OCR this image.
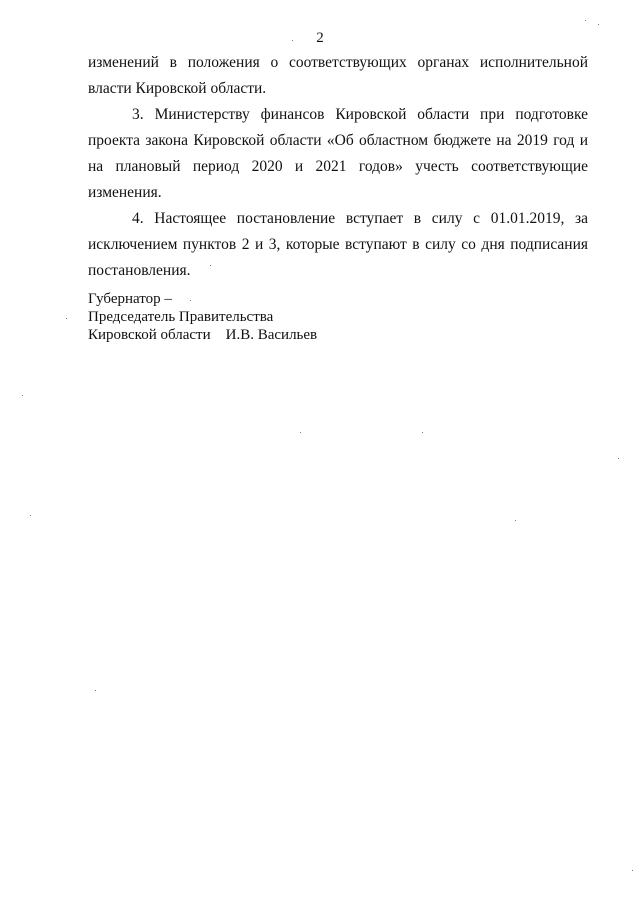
2

изменений в положения о соответствующих органах исполнительной власти Кировской области.

3. Министерству финансов Кировской области при подготовке проекта закона Кировской области «Об областном бюджете на 2019 год и на плановый период 2020 и 2021 годов» учесть соответствующие изменения.

4. Настоящее постановление вступает в силу с 01.01.2019, за исключением пунктов 2 и 3, которые вступают в силу со дня подписания постановления.

Губернатор –
Председатель Правительства
Кировской области    И.В. Васильев
